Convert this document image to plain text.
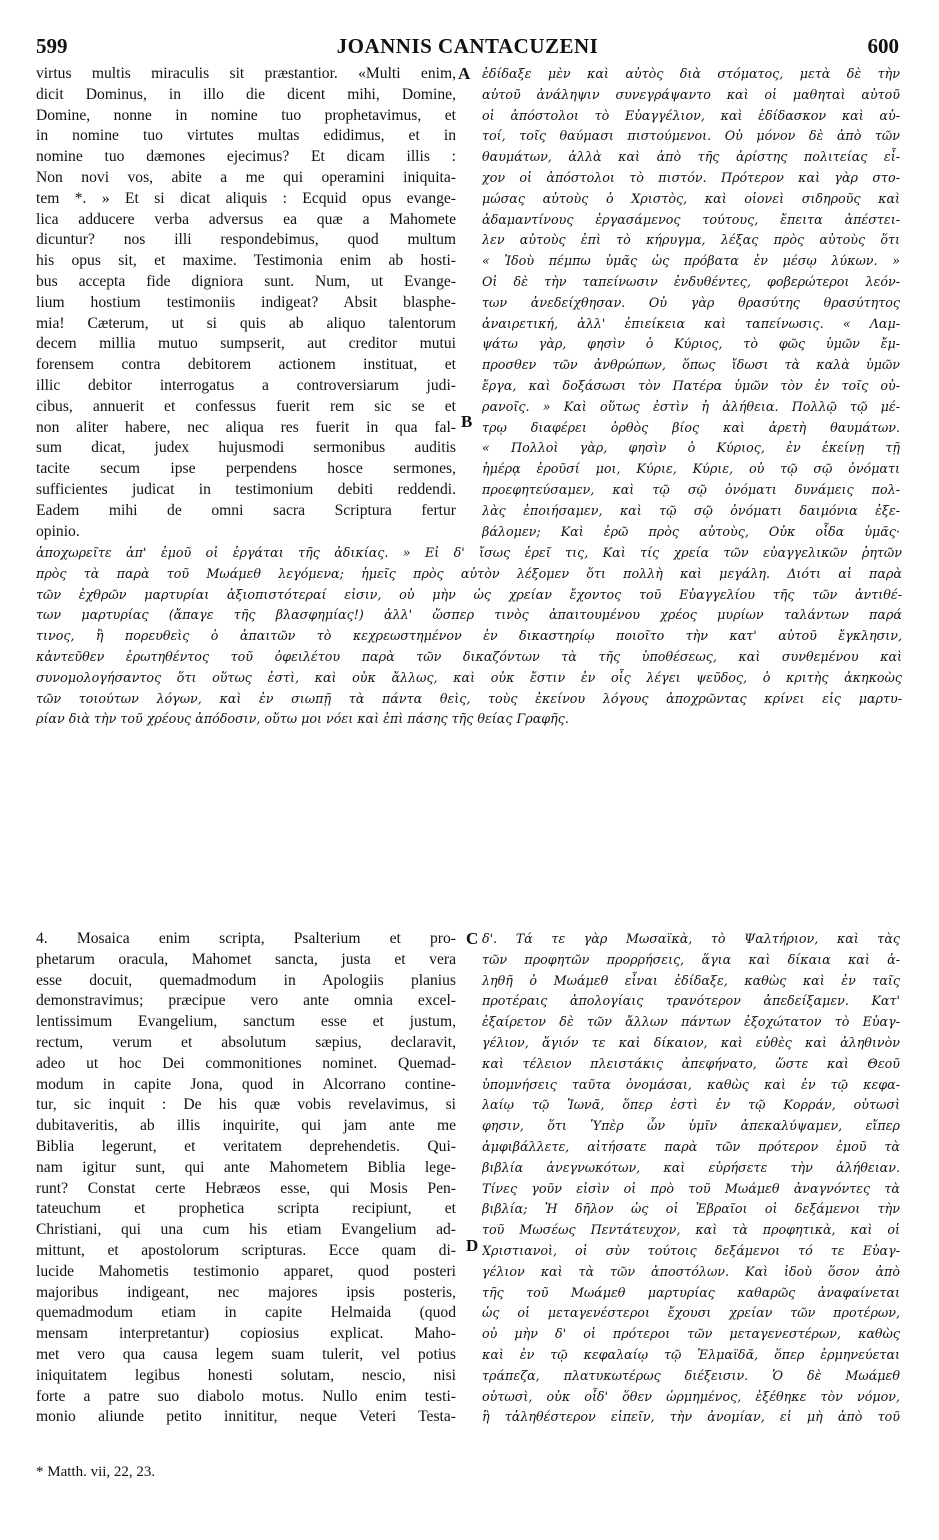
599	JOANNIS CANTACUZENI	600
virtus multis miraculis sit præstantior. «Multi enim,
dicit Dominus, in illo die dicent mihi, Domine,
Domine, nonne in nomine tuo prophetavimus, et
in nomine tuo virtutes multas edidimus, et in
nomine tuo dæmones ejecimus? Et dicam illis :
Non novi vos, abite a me qui operamini iniquita-
tem *. » Et si dicat aliquis : Ecquid opus evange-
lica adducere verba adversus ea quæ a Mahomete
dicuntur? nos illi respondebimus, quod multum
his opus sit, et maxime. Testimonia enim ab hosti-
bus accepta fide digniora sunt. Num, ut Evange-
lium hostium testimoniis indigeat? Absit blasphe-
mia! Cæterum, ut si quis ab aliquo talentorum
decem millia mutuo sumpserit, aut creditor mutui
forensem contra debitorem actionem instituat, et
illic debitor interrogatus a controversiarum judi-
cibus, annuerit et confessus fuerit rem sic se et
non aliter habere, nec aliqua res fuerit in qua fal-
sum dicat, judex hujusmodi sermonibus auditis
tacite secum ipse perpendens hosce sermones,
sufficientes judicat in testimonium debiti reddendi.
Eadem mihi de omni sacra Scriptura fertur
opinio.
ἐδίδαξε μὲν καὶ αὐτὸς διὰ στόματος, μετὰ δὲ τὴν
αὐτοῦ ἀνάληψιν συνεγράψαντο καὶ οἱ μαθηταὶ αὐτοῦ
οἱ ἀπόστολοι τὸ Εὐαγγέλιον, καὶ ἐδίδασκον καὶ αὐ-
τοί, τοῖς θαύμασι πιστούμενοι. Οὐ μόνον δὲ ἀπὸ τῶν
θαυμάτων, ἀλλὰ καὶ ἀπὸ τῆς ἀρίστης πολιτείας εἶ-
χον οἱ ἀπόστολοι τὸ πιστόν. Πρότερον καὶ γὰρ στο-
μώσας αὐτοὺς ὁ Χριστὸς, καὶ οἱονεὶ σιδηροῦς καὶ
ἀδαμαντίνους ἐργασάμενος τούτους, ἔπειτα ἀπέστει-
λεν αὐτοὺς ἐπὶ τὸ κήρυγμα, λέξας πρὸς αὐτοὺς ὅτι
« Ἰδοὺ πέμπω ὑμᾶς ὡς πρόβατα ἐν μέσῳ λύκων. »
Οἱ δὲ τὴν ταπείνωσιν ἐνδυθέντες, φοβερώτεροι λεόν-
των ἀνεδείχθησαν. Οὐ γὰρ θρασύτης θρασύτητος
ἀναιρετική, ἀλλ' ἐπιείκεια καὶ ταπείνωσις. « Λαμ-
ψάτω γὰρ, φησὶν ὁ Κύριος, τὸ φῶς ὑμῶν ἔμ-
προσθεν τῶν ἀνθρώπων, ὅπως ἴδωσι τὰ καλὰ ὑμῶν
ἔργα, καὶ δοξάσωσι τὸν Πατέρα ὑμῶν τὸν ἐν τοῖς οὐ-
ρανοῖς. » Καὶ οὕτως ἐστὶν ἡ ἀλήθεια. Πολλῷ τῷ μέ-
τρῳ διαφέρει ὀρθὸς βίος καὶ ἀρετὴ θαυμάτων.
« Πολλοὶ γὰρ, φησὶν ὁ Κύριος, ἐν ἐκείνῃ τῇ
ἡμέρᾳ ἐροῦσί μοι, Κύριε, Κύριε, οὐ τῷ σῷ ὀνόματι
προεφητεύσαμεν, καὶ τῷ σῷ ὀνόματι δυνάμεις πολ-
λὰς ἐποιήσαμεν, καὶ τῷ σῷ ὀνόματι δαιμόνια ἐξε-
βάλομεν; Καὶ ἐρῶ πρὸς αὐτοὺς, Οὐκ οἶδα ὑμᾶς·
ἀποχωρεῖτε ἀπ' ἐμοῦ οἱ ἐργάται τῆς ἀδικίας. » Εἰ δ' ἴσως ἐρεῖ τις, Καὶ τίς χρεία τῶν εὐαγγελικῶν ῥητῶν
πρὸς τὰ παρὰ τοῦ Μωάμεθ λεγόμενα; ἡμεῖς πρὸς αὐτὸν λέξομεν ὅτι πολλὴ καὶ μεγάλη. Διότι αἱ παρὰ
τῶν ἐχθρῶν μαρτυρίαι ἀξιοπιστότεραί εἰσιν, οὐ μὴν ὡς χρείαν ἔχοντος τοῦ Εὐαγγελίου τῆς τῶν ἀντιθέ-
των μαρτυρίας (ἄπαγε τῆς βλασφημίας!) ἀλλ' ὥσπερ τινὸς ἀπαιτουμένου χρέος μυρίων ταλάντων παρά
τινος, ἢ πορευθεὶς ὁ ἀπαιτῶν τὸ κεχρεωστημένον ἐν δικαστηρίῳ ποιοῖτο τὴν κατ' αὐτοῦ ἔγκλησιν,
κἀντεῦθεν ἐρωτηθέντος τοῦ ὀφειλέτου παρὰ τῶν δικαζόντων τὰ τῆς ὑποθέσεως, καὶ συνθεμένου καὶ
συνομολογήσαντος ὅτι οὕτως ἐστὶ, καὶ οὐκ ἄλλως, καὶ οὐκ ἔστιν ἐν οἷς λέγει ψεῦδος, ὁ κριτὴς ἀκηκοὼς
τῶν τοιούτων λόγων, καὶ ἐν σιωπῇ τὰ πάντα θεὶς, τοὺς ἐκείνου λόγους ἀποχρῶντας κρίνει εἰς μαρτυ-
ρίαν διὰ τὴν τοῦ χρέους ἀπόδοσιν, οὕτω μοι νόει καὶ ἐπὶ πάσης τῆς θείας Γραφῆς.
4. Mosaica enim scripta, Psalterium et pro-
phetarum oracula, Mahomet sancta, justa et vera
esse docuit, quemadmodum in Apologiis planius
demonstravimus; præcipue vero ante omnia excel-
lentissimum Evangelium, sanctum esse et justum,
rectum, verum et absolutum sæpius, declaravit,
adeo ut hoc Dei commonitiones nominet. Quemad-
modum in capite Jona, quod in Alcorrano contine-
tur, sic inquit : De his quæ vobis revelavimus, si
dubitaveritis, ab illis inquirite, qui jam ante me
Biblia legerunt, et veritatem deprehendetis. Qui-
nam igitur sunt, qui ante Mahometem Biblia lege-
runt? Constat certe Hebræos esse, qui Mosis Pen-
tateuchum et prophetica scripta recipiunt, et
Christiani, qui una cum his etiam Evangelium ad-
mittunt, et apostolorum scripturas. Ecce quam di-
lucide Mahometis testimonio apparet, quod posteri
majoribus indigeant, nec majores ipsis posteris,
quemadmodum etiam in capite Helmaida (quod
mensam interpretantur) copiosius explicat. Maho-
met vero qua causa legem suam tulerit, vel potius
iniquitatem legibus honesti solutam, nescio, nisi
forte a patre suo diabolo motus. Nullo enim testi-
monio aliunde petito innititur, neque Veteri Testa-
δ'. Τά τε γὰρ Μωσαϊκὰ, τὸ Ψαλτήριον, καὶ τὰς
τῶν προφητῶν προρρήσεις, ἅγια καὶ δίκαια καὶ ἀ-
ληθῆ ὁ Μωάμεθ εἶναι ἐδίδαξε, καθὼς καὶ ἐν ταῖς
προτέραις ἀπολογίαις τρανότερον ἀπεδείξαμεν. Κατ'
ἐξαίρετον δὲ τῶν ἄλλων πάντων ἐξοχώτατον τὸ Εὐαγ-
γέλιον, ἅγιόν τε καὶ δίκαιον, καὶ εὐθὲς καὶ ἀληθινὸν
καὶ τέλειον πλειστάκις ἀπεφήνατο, ὥστε καὶ Θεοῦ
ὑπομνήσεις ταῦτα ὀνομάσαι, καθὼς καὶ ἐν τῷ κεφα-
λαίῳ τῷ Ἰωνᾶ, ὅπερ ἐστὶ ἐν τῷ Κορράν, οὑτωσὶ
φησιν, ὅτι Ὑπὲρ ὧν ὑμῖν ἀπεκαλύψαμεν, εἴπερ
ἀμφιβάλλετε, αἰτήσατε παρὰ τῶν πρότερον ἐμοῦ τὰ
βιβλία ἀνεγνωκότων, καὶ εὑρήσετε τὴν ἀλήθειαν.
Τίνες γοῦν εἰσὶν οἱ πρὸ τοῦ Μωάμεθ ἀναγνόντες τὰ
βιβλία; Ἡ δῆλον ὡς οἱ Ἑβραῖοι οἱ δεξάμενοι τὴν
τοῦ Μωσέως Πεντάτευχον, καὶ τὰ προφητικὰ, καὶ οἱ
Χριστιανοὶ, οἱ σὺν τούτοις δεξάμενοι τό τε Εὐαγ-
γέλιον καὶ τὰ τῶν ἀποστόλων. Καὶ ἰδοὺ ὅσον ἀπὸ
τῆς τοῦ Μωάμεθ μαρτυρίας καθαρῶς ἀναφαίνεται
ὡς οἱ μεταγενέστεροι ἔχουσι χρείαν τῶν προτέρων,
οὐ μὴν δ' οἱ πρότεροι τῶν μεταγενεστέρων, καθὼς
καὶ ἐν τῷ κεφαλαίῳ τῷ Ἐλμαϊδᾶ, ὅπερ ἑρμηνεύεται
τράπεζα, πλατυκωτέρως διέξεισιν. Ὁ δὲ Μωάμεθ
οὑτωσὶ, οὐκ οἶδ' ὅθεν ὡρμημένος, ἐξέθηκε τὸν νόμον,
ἢ τἀληθέστερον εἰπεῖν, τὴν ἀνομίαν, εἰ μὴ ἀπὸ τοῦ
A
B
C
D
* Matth. vii, 22, 23.
